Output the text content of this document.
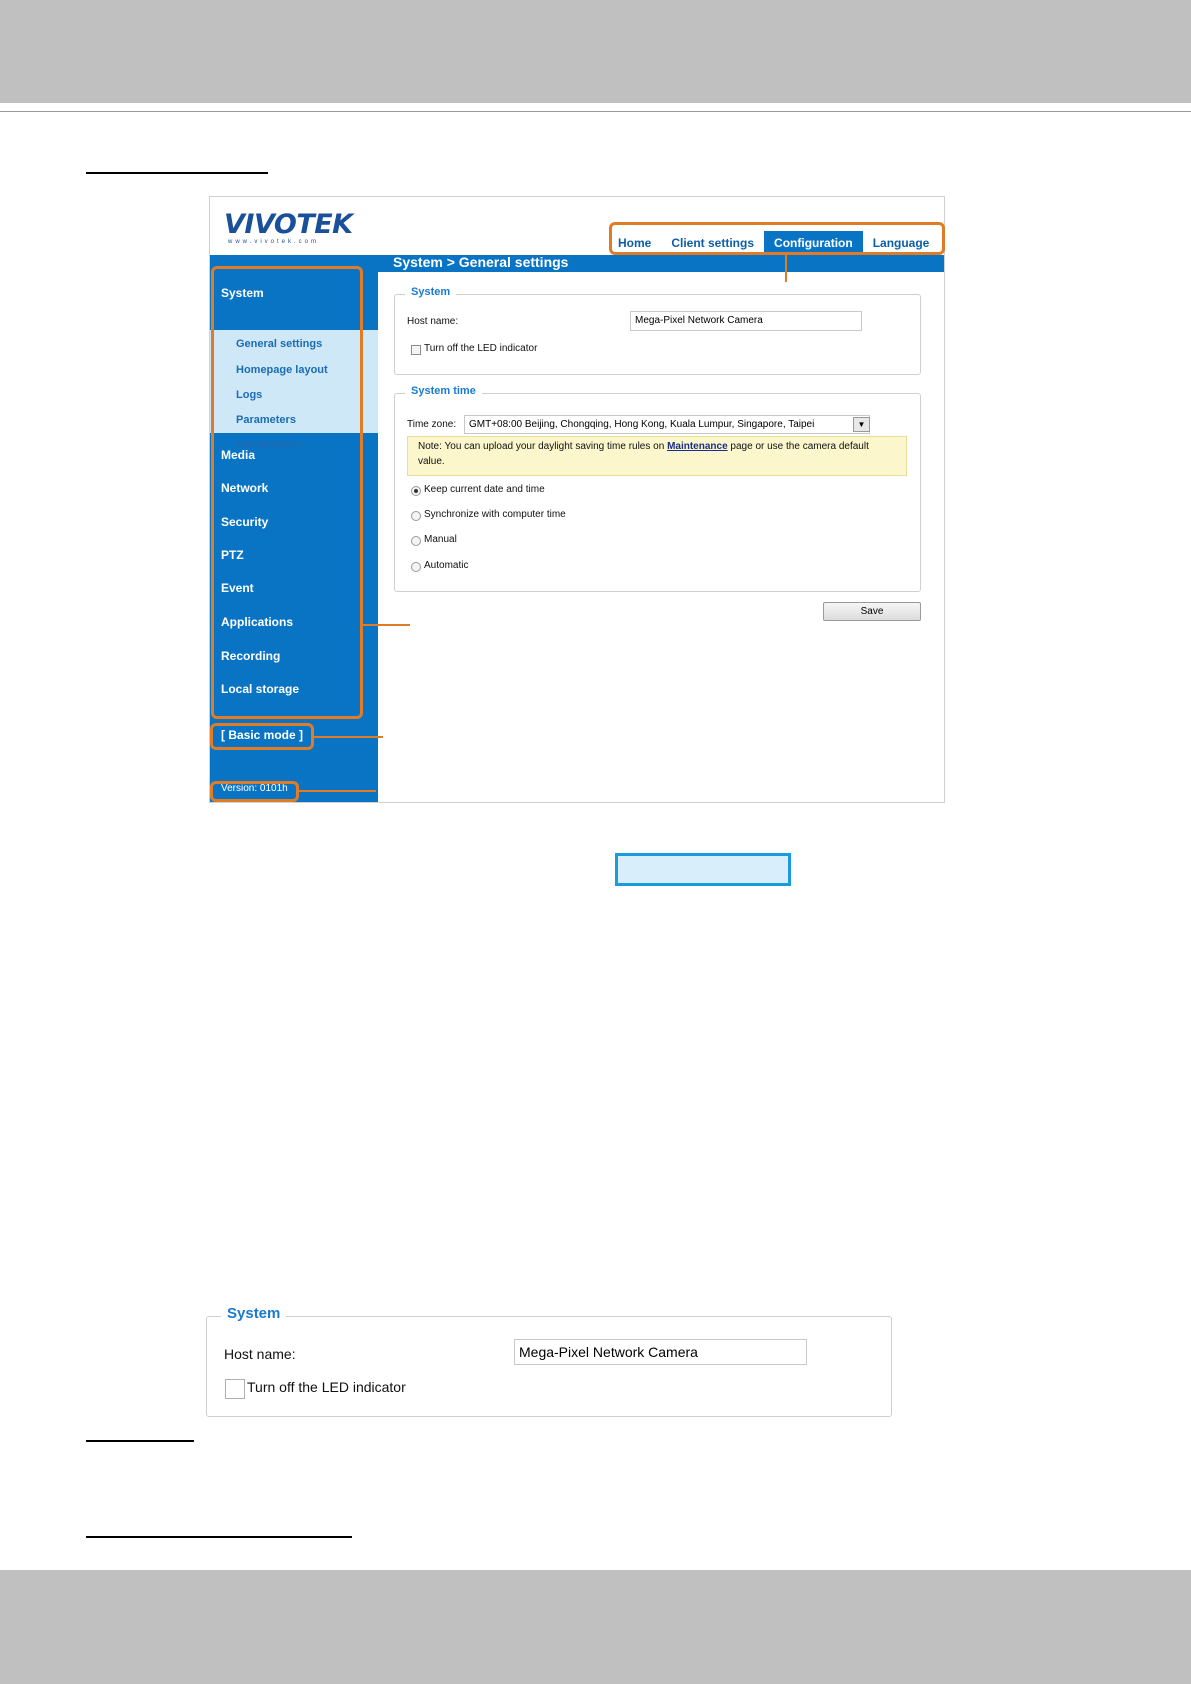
VIVOTEK
www.vivotek.com
System > General settings
Home	Client settings	Configuration	Language
System
General settings
Homepage layout
Logs
Parameters
Maintenance
Media
Network
Security
PTZ
Event
Applications
Recording
Local storage
[ Basic mode ]
Version: 0101h
System
Host name:	Mega-Pixel Network Camera
Turn off the LED indicator
System time
Time zone:	GMT+08:00 Beijing, Chongqing, Hong Kong, Kuala Lumpur, Singapore, Taipei	▼
Note: You can upload your daylight saving time rules on Maintenance page or use the camera default value.
Keep current date and time
Synchronize with computer time
Manual
Automatic
Save
System
Host name:	Mega-Pixel Network Camera
Turn off the LED indicator
